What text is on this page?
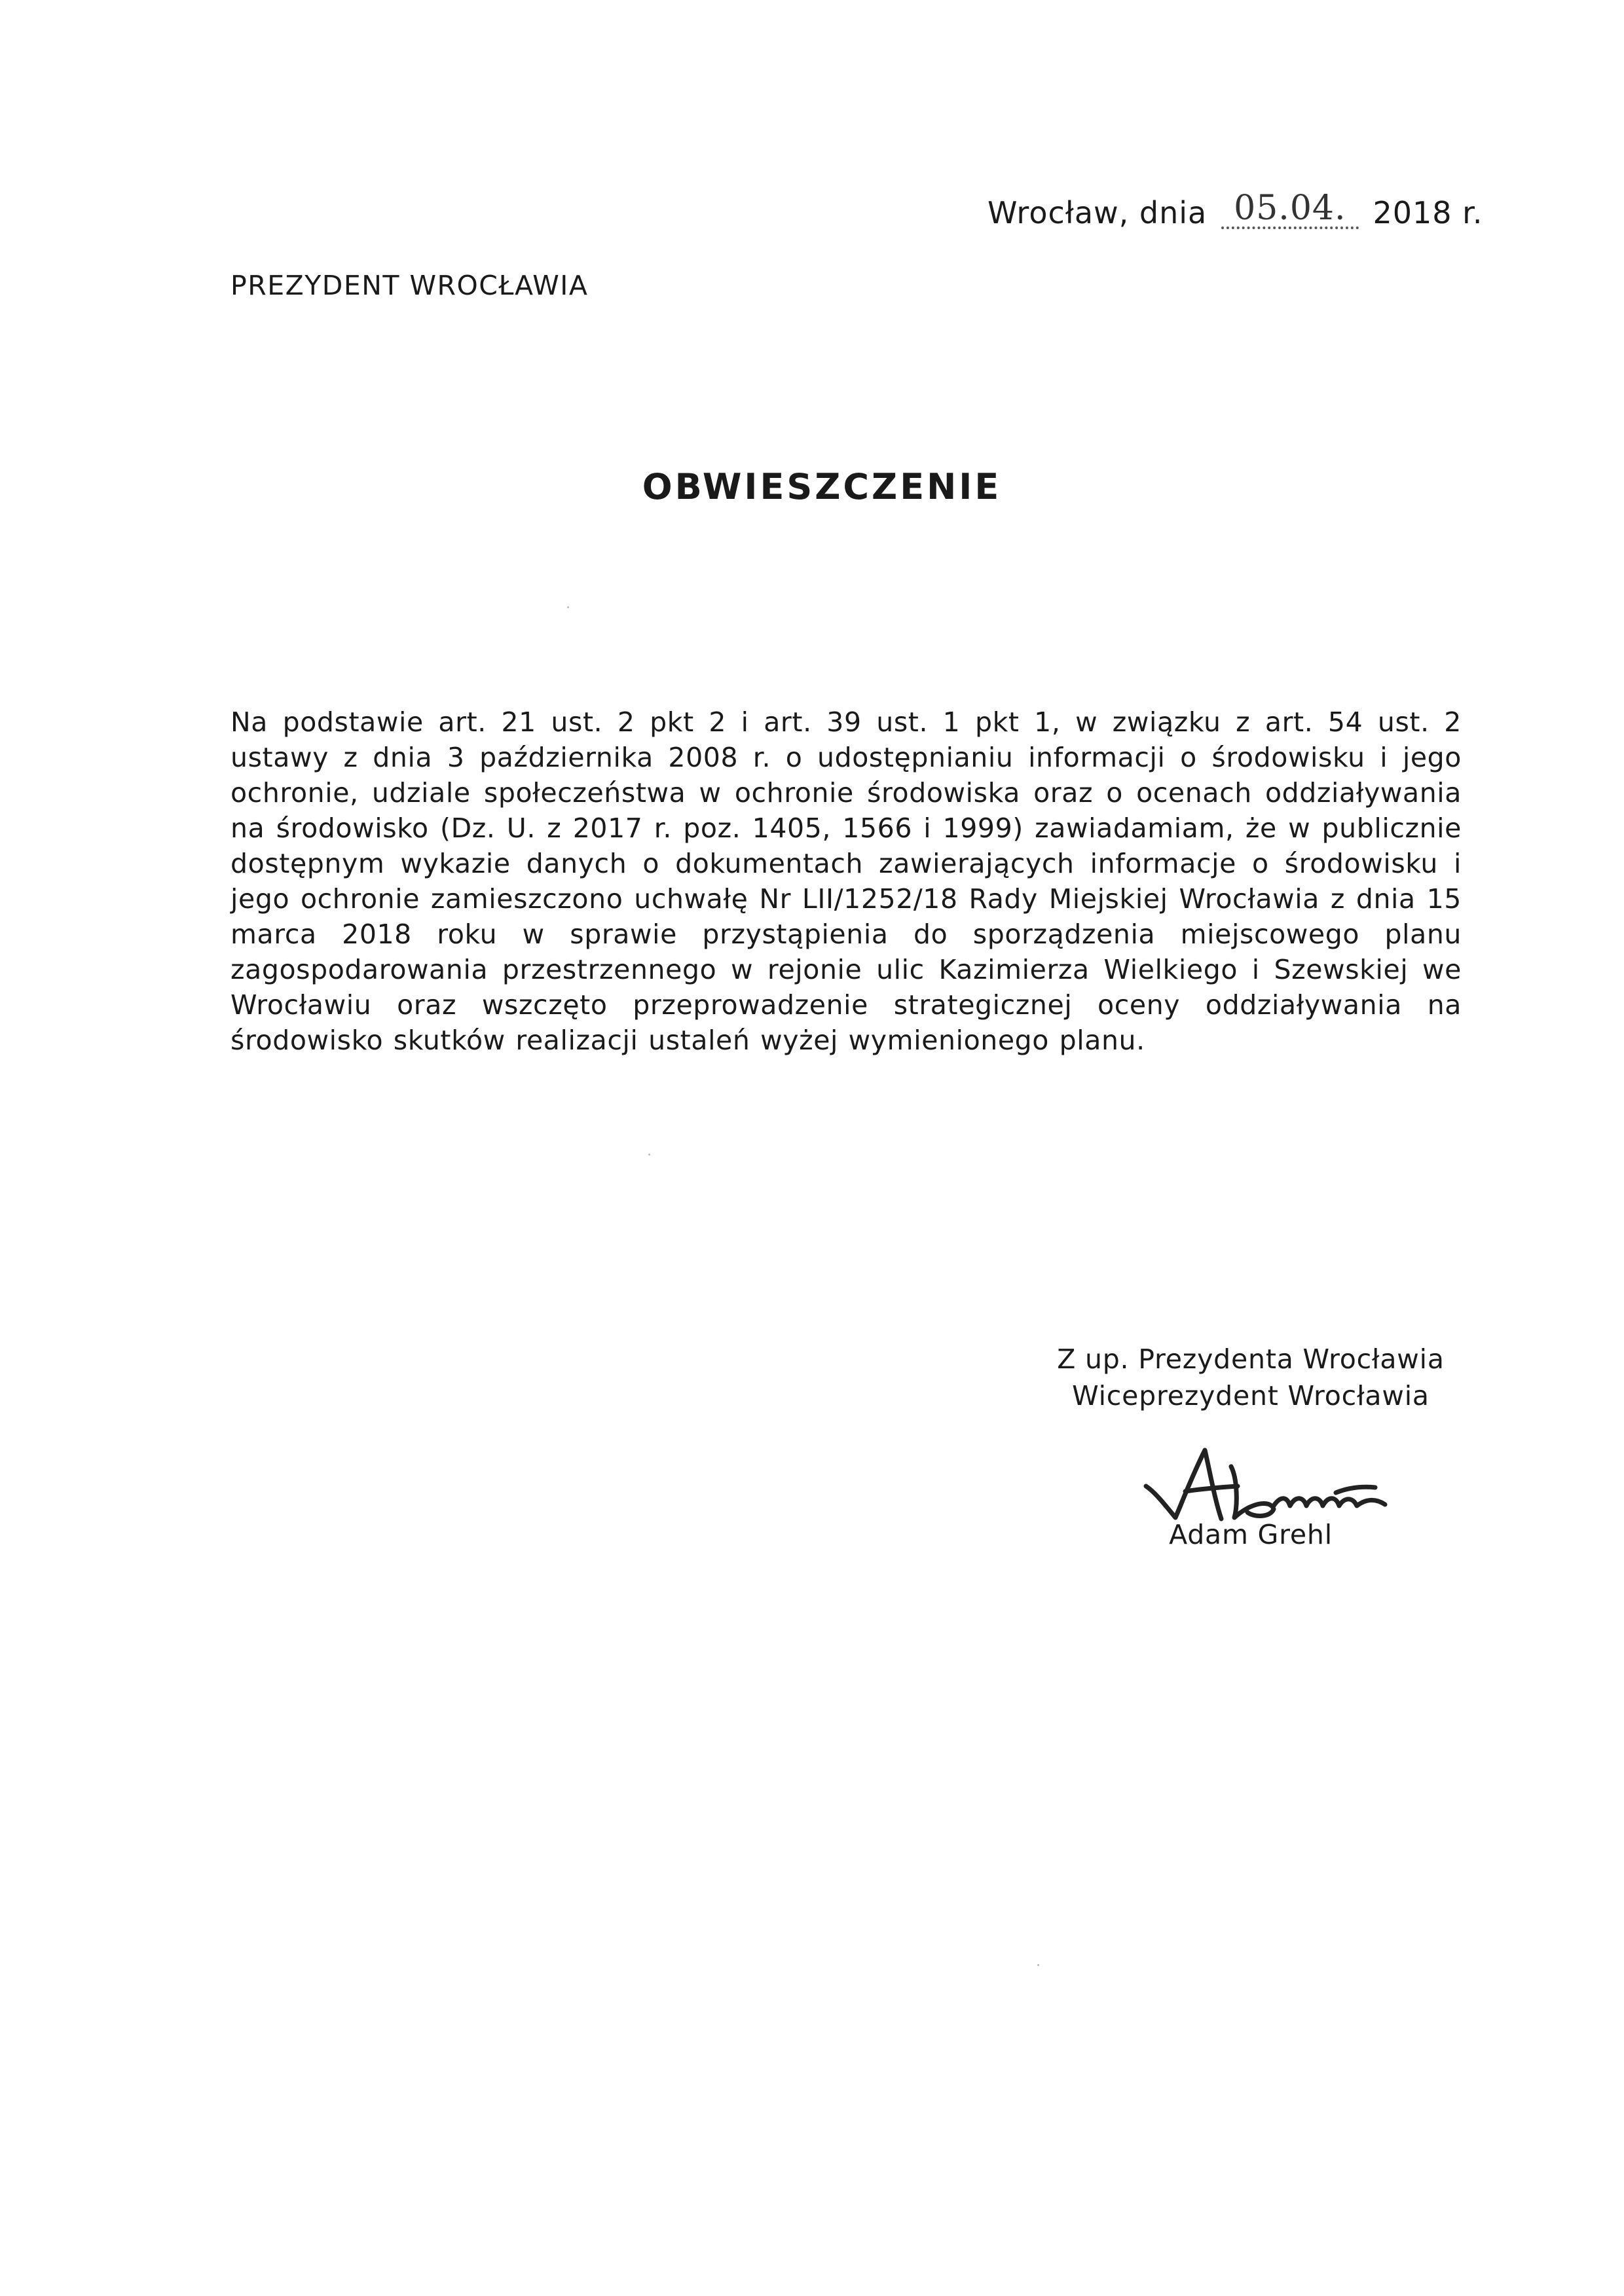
Wrocław, dnia 05.04. 2018 r.
PREZYDENT WROCŁAWIA
OBWIESZCZENIE
Na podstawie art. 21 ust. 2 pkt 2 i art. 39 ust. 1 pkt 1, w związku z art. 54 ust. 2 ustawy z dnia 3 października 2008 r. o udostępnianiu informacji o środowisku i jego ochronie, udziale społeczeństwa w ochronie środowiska oraz o ocenach oddziaływania na środowisko (Dz. U. z 2017 r. poz. 1405, 1566 i 1999) zawiadamiam, że w publicznie dostępnym wykazie danych o dokumentach zawierających informacje o środowisku i jego ochronie zamieszczono uchwałę Nr LII/1252/18 Rady Miejskiej Wrocławia z dnia 15 marca 2018 roku w sprawie przystąpienia do sporządzenia miejscowego planu zagospodarowania przestrzennego w rejonie ulic Kazimierza Wielkiego i Szewskiej we Wrocławiu oraz wszczęto przeprowadzenie strategicznej oceny oddziaływania na środowisko skutków realizacji ustaleń wyżej wymienionego planu.
Z up. Prezydenta Wrocławia
Wiceprezydent Wrocławia
Adam Grehl
